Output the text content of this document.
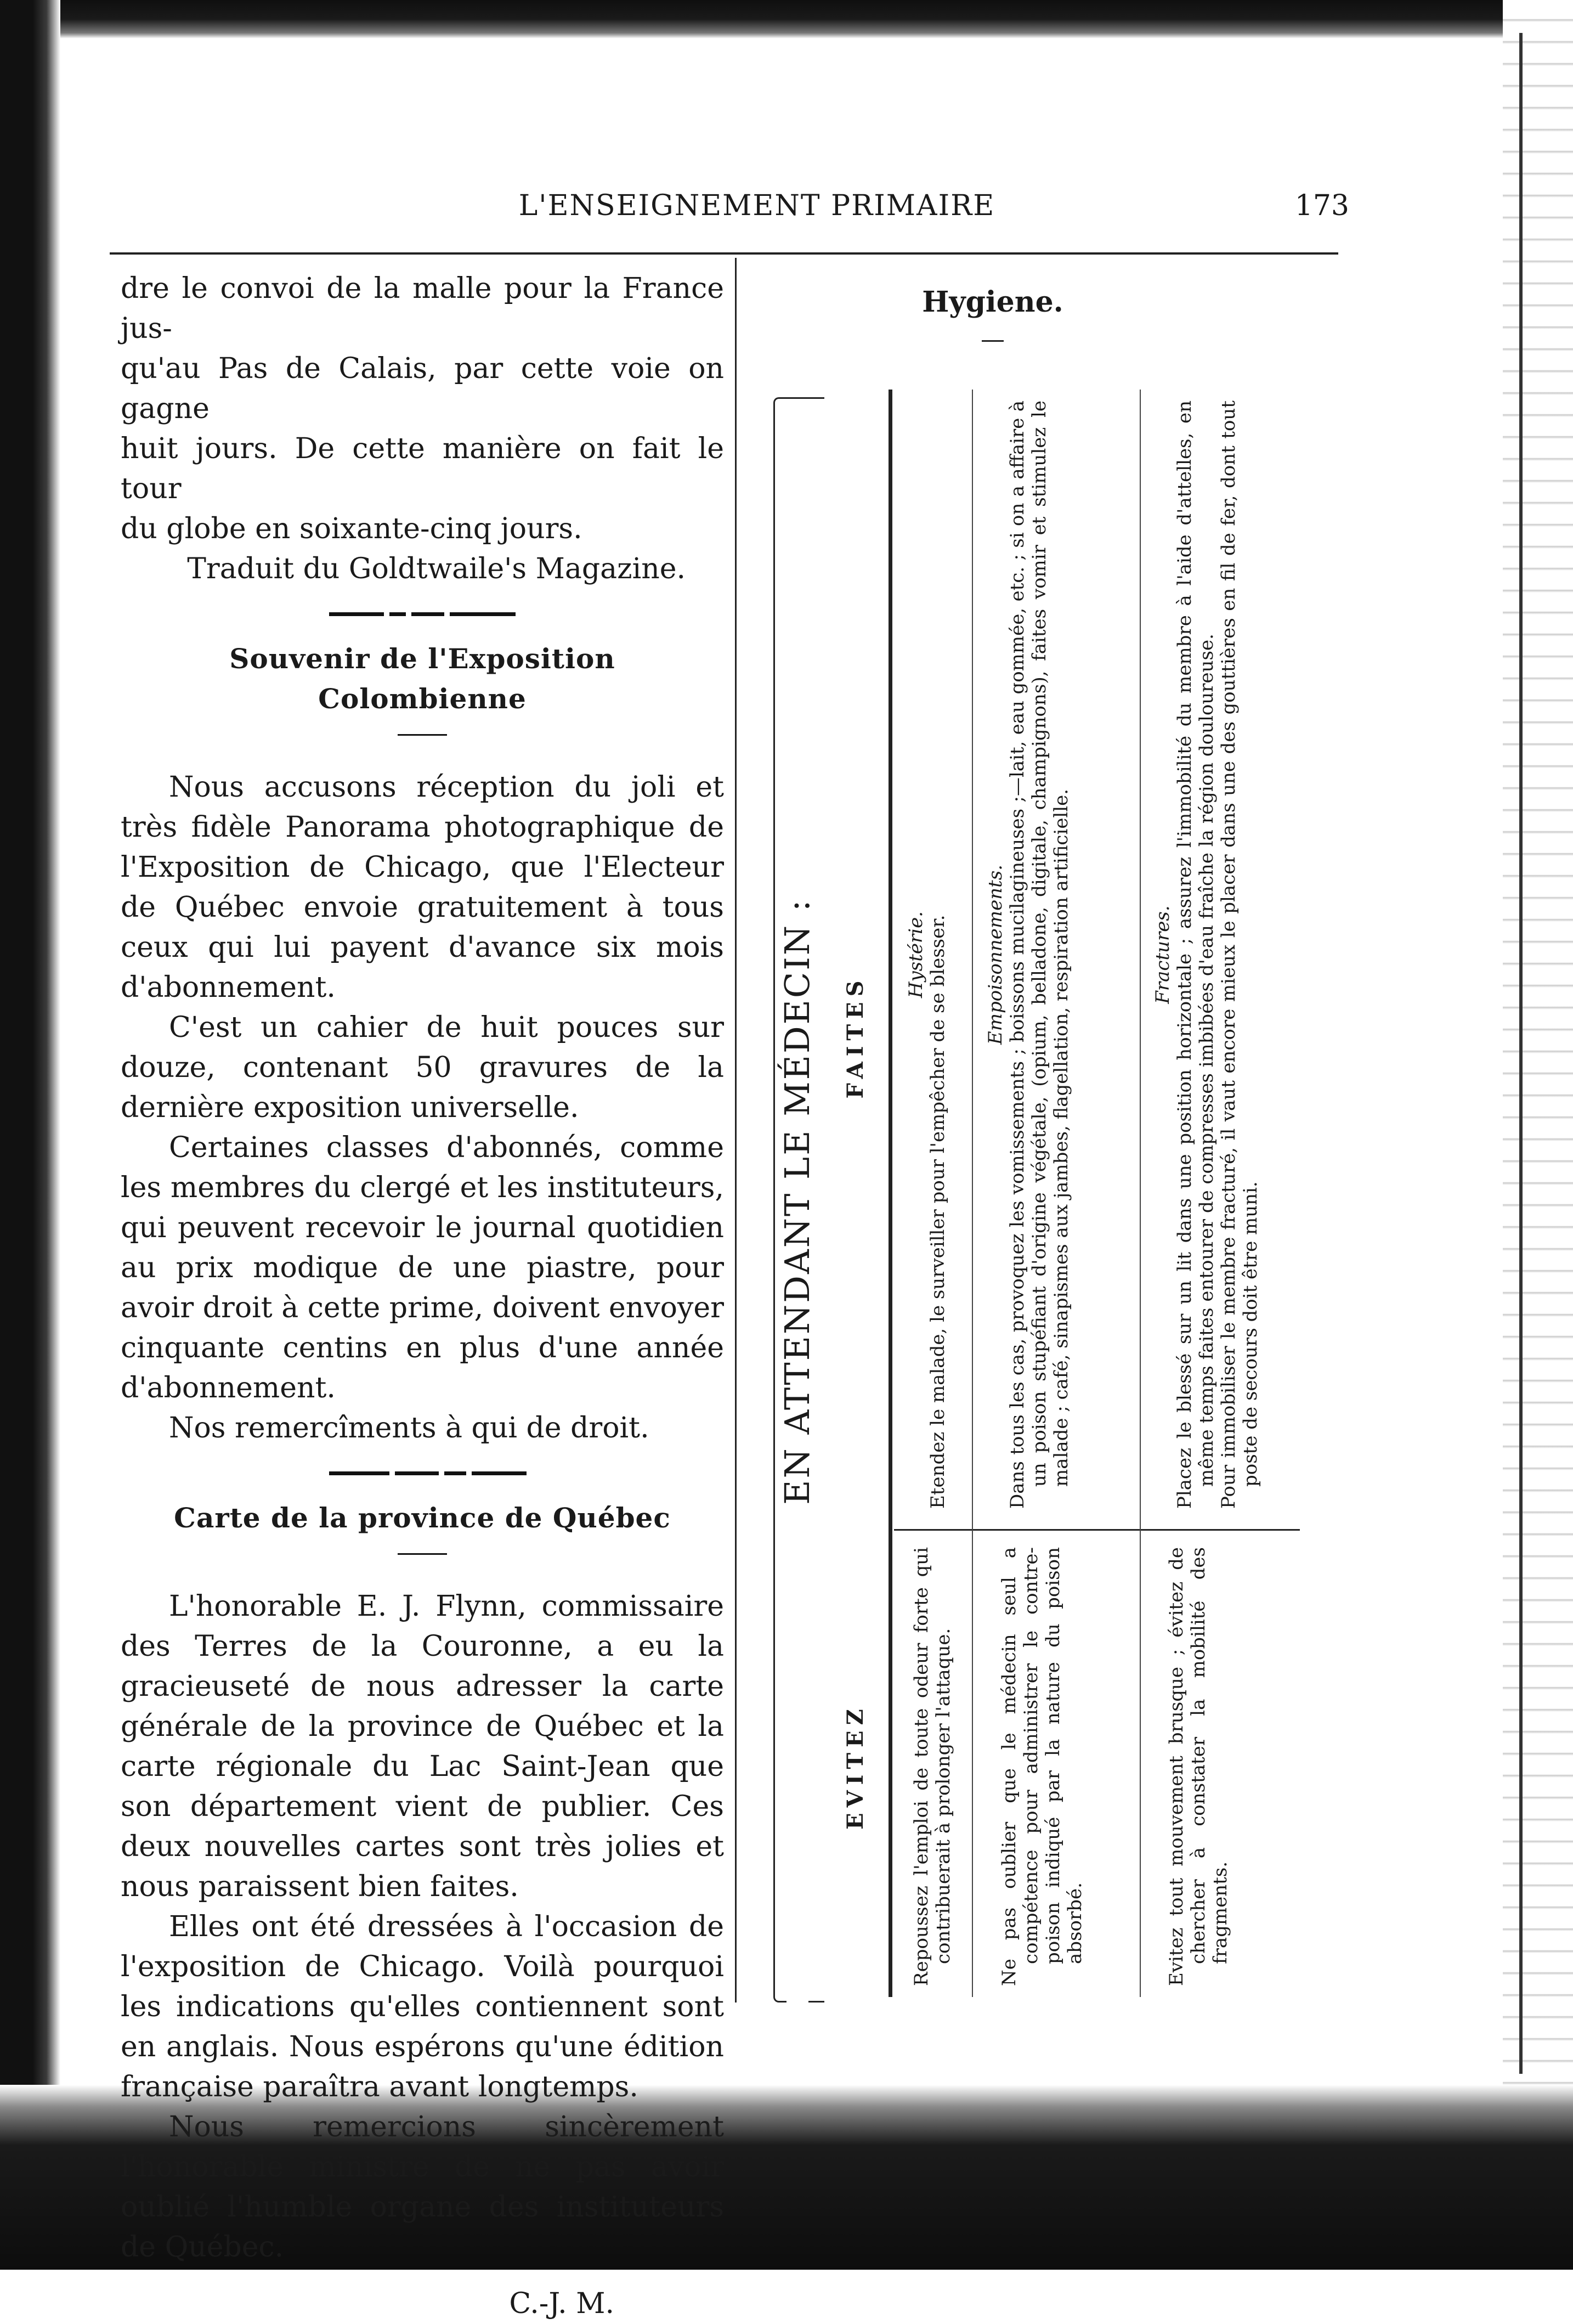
L'ENSEIGNEMENT PRIMAIRE	173

dre le convoi de la malle pour la France jus-

qu'au Pas de Calais, par cette voie on gagne

huit jours. De cette manière on fait le tour

du globe en soixante-cinq jours.

Traduit du Goldtwaile's Magazine.

Souvenir de l'Exposition Colombienne

Nous accusons réception du joli et très fidèle Panorama photographique de l'Exposition de Chicago, que l'Electeur de Québec envoie gratuitement à tous ceux qui lui payent d'avance six mois d'abonnement.

C'est un cahier de huit pouces sur douze, contenant 50 gravures de la dernière exposition universelle.

Certaines classes d'abonnés, comme les membres du clergé et les instituteurs, qui peuvent recevoir le journal quotidien au prix modique de une piastre, pour avoir droit à cette prime, doivent envoyer cinquante centins en plus d'une année d'abonnement.

Nos remercîments à qui de droit.

Carte de la province de Québec

L'honorable E. J. Flynn, commissaire des Terres de la Couronne, a eu la gracieuseté de nous adresser la carte générale de la province de Québec et la carte régionale du Lac Saint-Jean que son département vient de publier. Ces deux nouvelles cartes sont très jolies et nous paraissent bien faites.

Elles ont été dressées à l'occasion de l'exposition de Chicago. Voilà pourquoi les indications qu'elles contiennent sont en anglais. Nous espérons qu'une édition française paraîtra avant longtemps.

Nous remercions sincèrement l'honorable ministre de ne pas avoir oublié l'humble organe des instituteurs de Québec.

C.-J. M.

Hygiene.
EN ATTENDANT LE MÉDECIN :
EVITEZ
FAITES

Repoussez l'emploi de toute odeur forte qui contribuerait à prolonger l'attaque.

Hystérie. Etendez le malade, le surveiller pour l'empêcher de se blesser.

Ne pas oublier que le médecin seul a compétence pour administrer le contre-poison indiqué par la nature du poison absorbé.

Empoisonnements. Dans tous les cas, provoquez les vomissements ; boissons mucilagineuses ;—lait, eau gommée, etc. ; si on a affaire à un poison stupéfiant d'origine végétale, (opium, belladone, digitale, champignons), faites vomir et stimulez le malade ; café, sinapismes aux jambes, flagellation, respiration artificielle.

Evitez tout mouvement brusque ; évitez de chercher à constater la mobilité des fragments.

Fractures. Placez le blessé sur un lit dans une position horizontale ; assurez l'immobilité du membre à l'aide d'attelles, en même temps faites entourer de compresses imbibées d'eau fraîche la région douloureuse. Pour immobiliser le membre fracturé, il vaut encore mieux le placer dans une des gouttières en fil de fer, dont tout poste de secours doit être muni.
